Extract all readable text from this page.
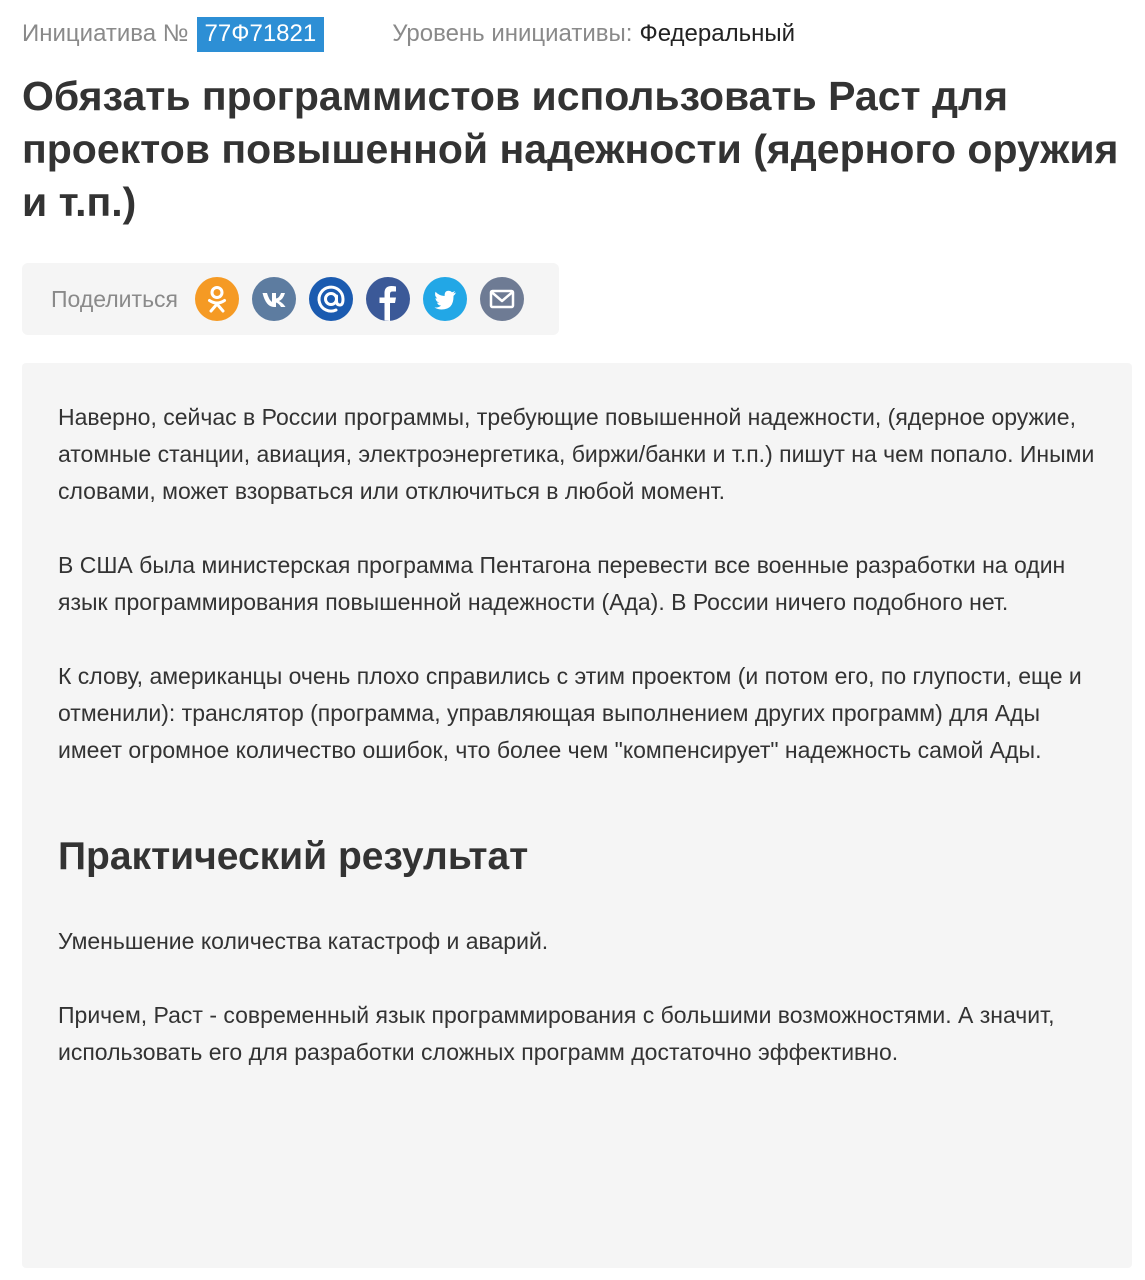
Инициатива № 77Ф71821	Уровень инициативы: Федеральный
Обязать программистов использовать Раст для проектов повышенной надежности (ядерного оружия и т.п.)
Поделиться

Наверно, сейчас в России программы, требующие повышенной надежности, (ядерное оружие, атомные станции, авиация, электроэнергетика, биржи/банки и т.п.) пишут на чем попало. Иными словами, может взорваться или отключиться в любой момент.

В США была министерская программа Пентагона перевести все военные разработки на один язык программирования повышенной надежности (Ада). В России ничего подобного нет.

К слову, американцы очень плохо справились с этим проектом (и потом его, по глупости, еще и отменили): транслятор (программа, управляющая выполнением других программ) для Ады имеет огромное количество ошибок, что более чем "компенсирует" надежность самой Ады.

Практический результат

Уменьшение количества катастроф и аварий.

Причем, Раст - современный язык программирования с большими возможностями. А значит, использовать его для разработки сложных программ достаточно эффективно.
